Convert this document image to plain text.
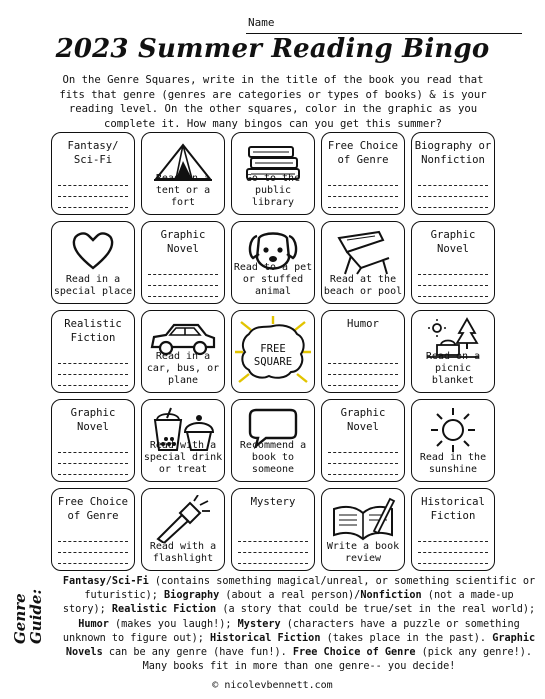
Name
2023 Summer Reading Bingo
On the Genre Squares, write in the title of the book you read that fits that genre (genres are categories or types of books) & is your reading level. On the other squares, color in the graphic as you complete it. How many bingos can you get this summer?
Fantasy/ Sci-Fi
Read in a tent or a fort
Go to the public library
Free Choice of Genre
Biography or Nonfiction
Read in a special place
Graphic Novel
Read to a pet or stuffed animal
Read at the beach or pool
Graphic Novel
Realistic Fiction
Read in a car, bus, or plane
FREE
SQUARE
Humor
Read on a picnic blanket
Graphic Novel
Read with a special drink or treat
Recommend a book to someone
Graphic Novel
Read in the sunshine
Free Choice of Genre
Read with a flashlight
Mystery
Write a book review
Historical Fiction
Genre Guide:
Fantasy/Sci-Fi (contains something magical/unreal, or something scientific or futuristic); Biography (about a real person)/Nonfiction (not a made-up story); Realistic Fiction (a story that could be true/set in the real world); Humor (makes you laugh!); Mystery (characters have a puzzle or something unknown to figure out); Historical Fiction (takes place in the past). Graphic Novels can be any genre (have fun!). Free Choice of Genre (pick any genre!). Many books fit in more than one genre-- you decide!
© nicolevbennett.com
